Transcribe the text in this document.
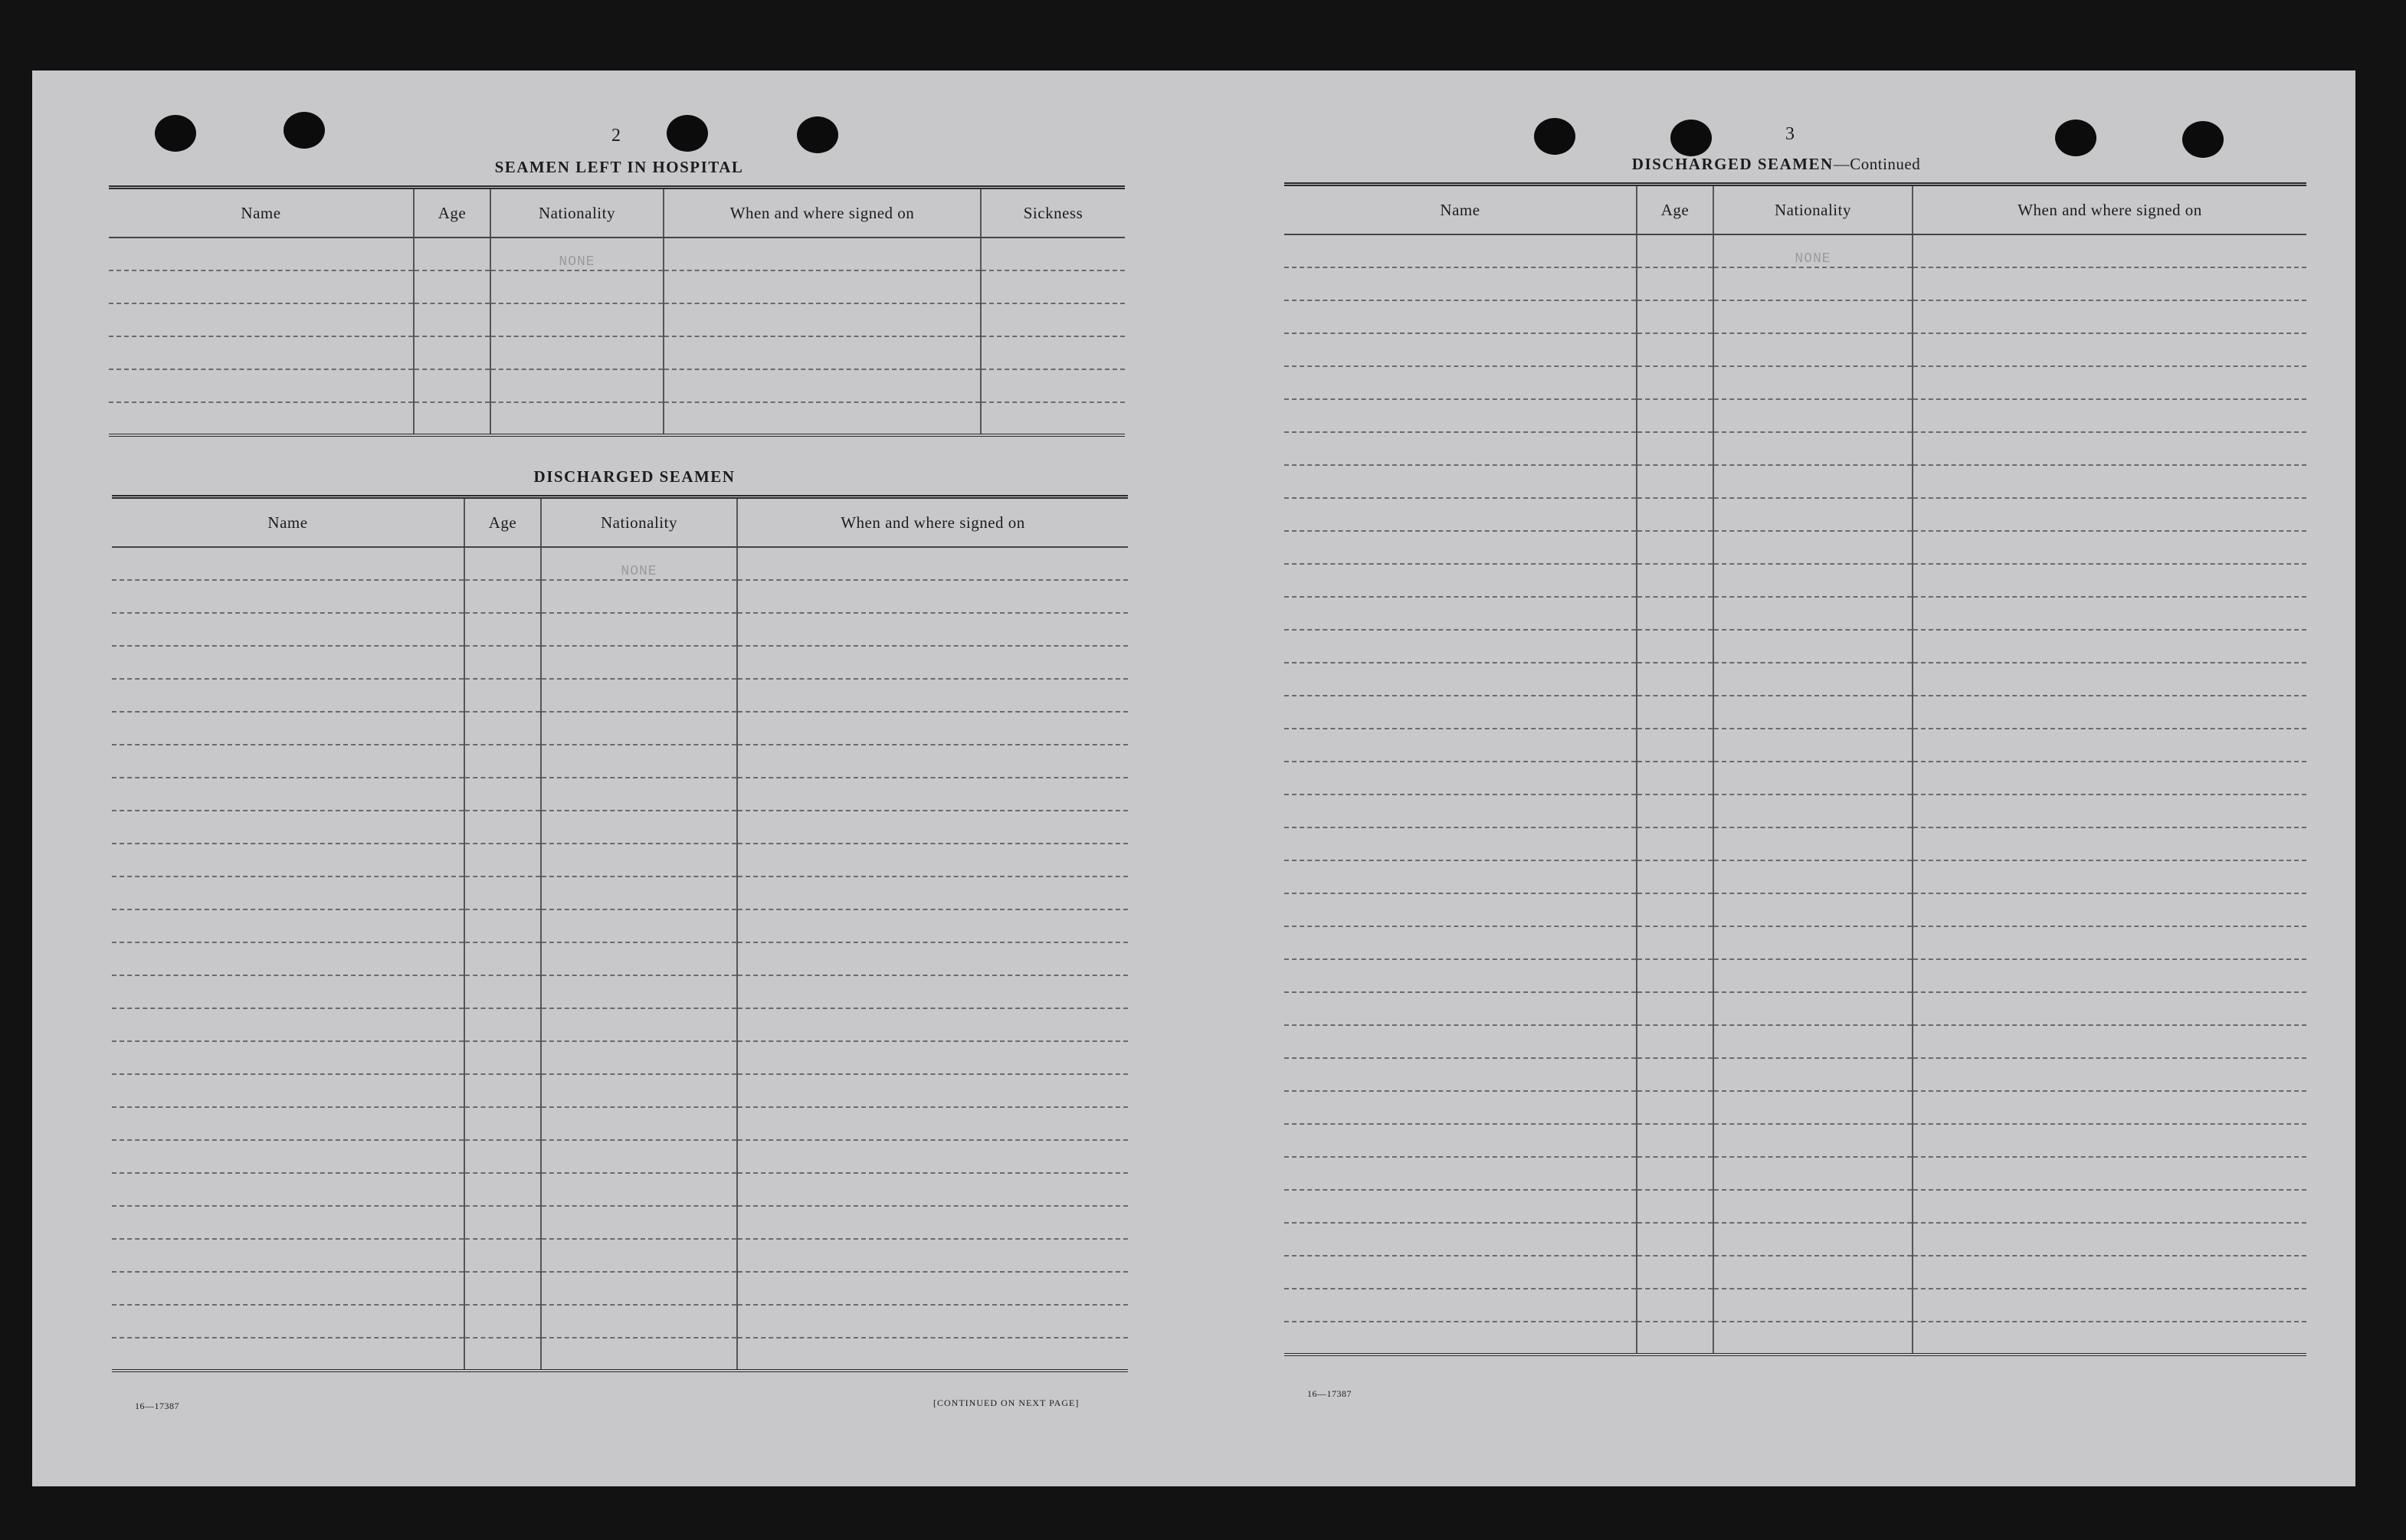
2
SEAMEN LEFT IN HOSPITAL
Name	Age	Nationality	When and where signed on	Sickness
		NONE		

DISCHARGED SEAMEN
Name	Age	Nationality	When and where signed on
		NONE	

16—17387	[CONTINUED ON NEXT PAGE]
3
DISCHARGED SEAMEN—Continued
Name	Age	Nationality	When and where signed on
		NONE	

16—17387
